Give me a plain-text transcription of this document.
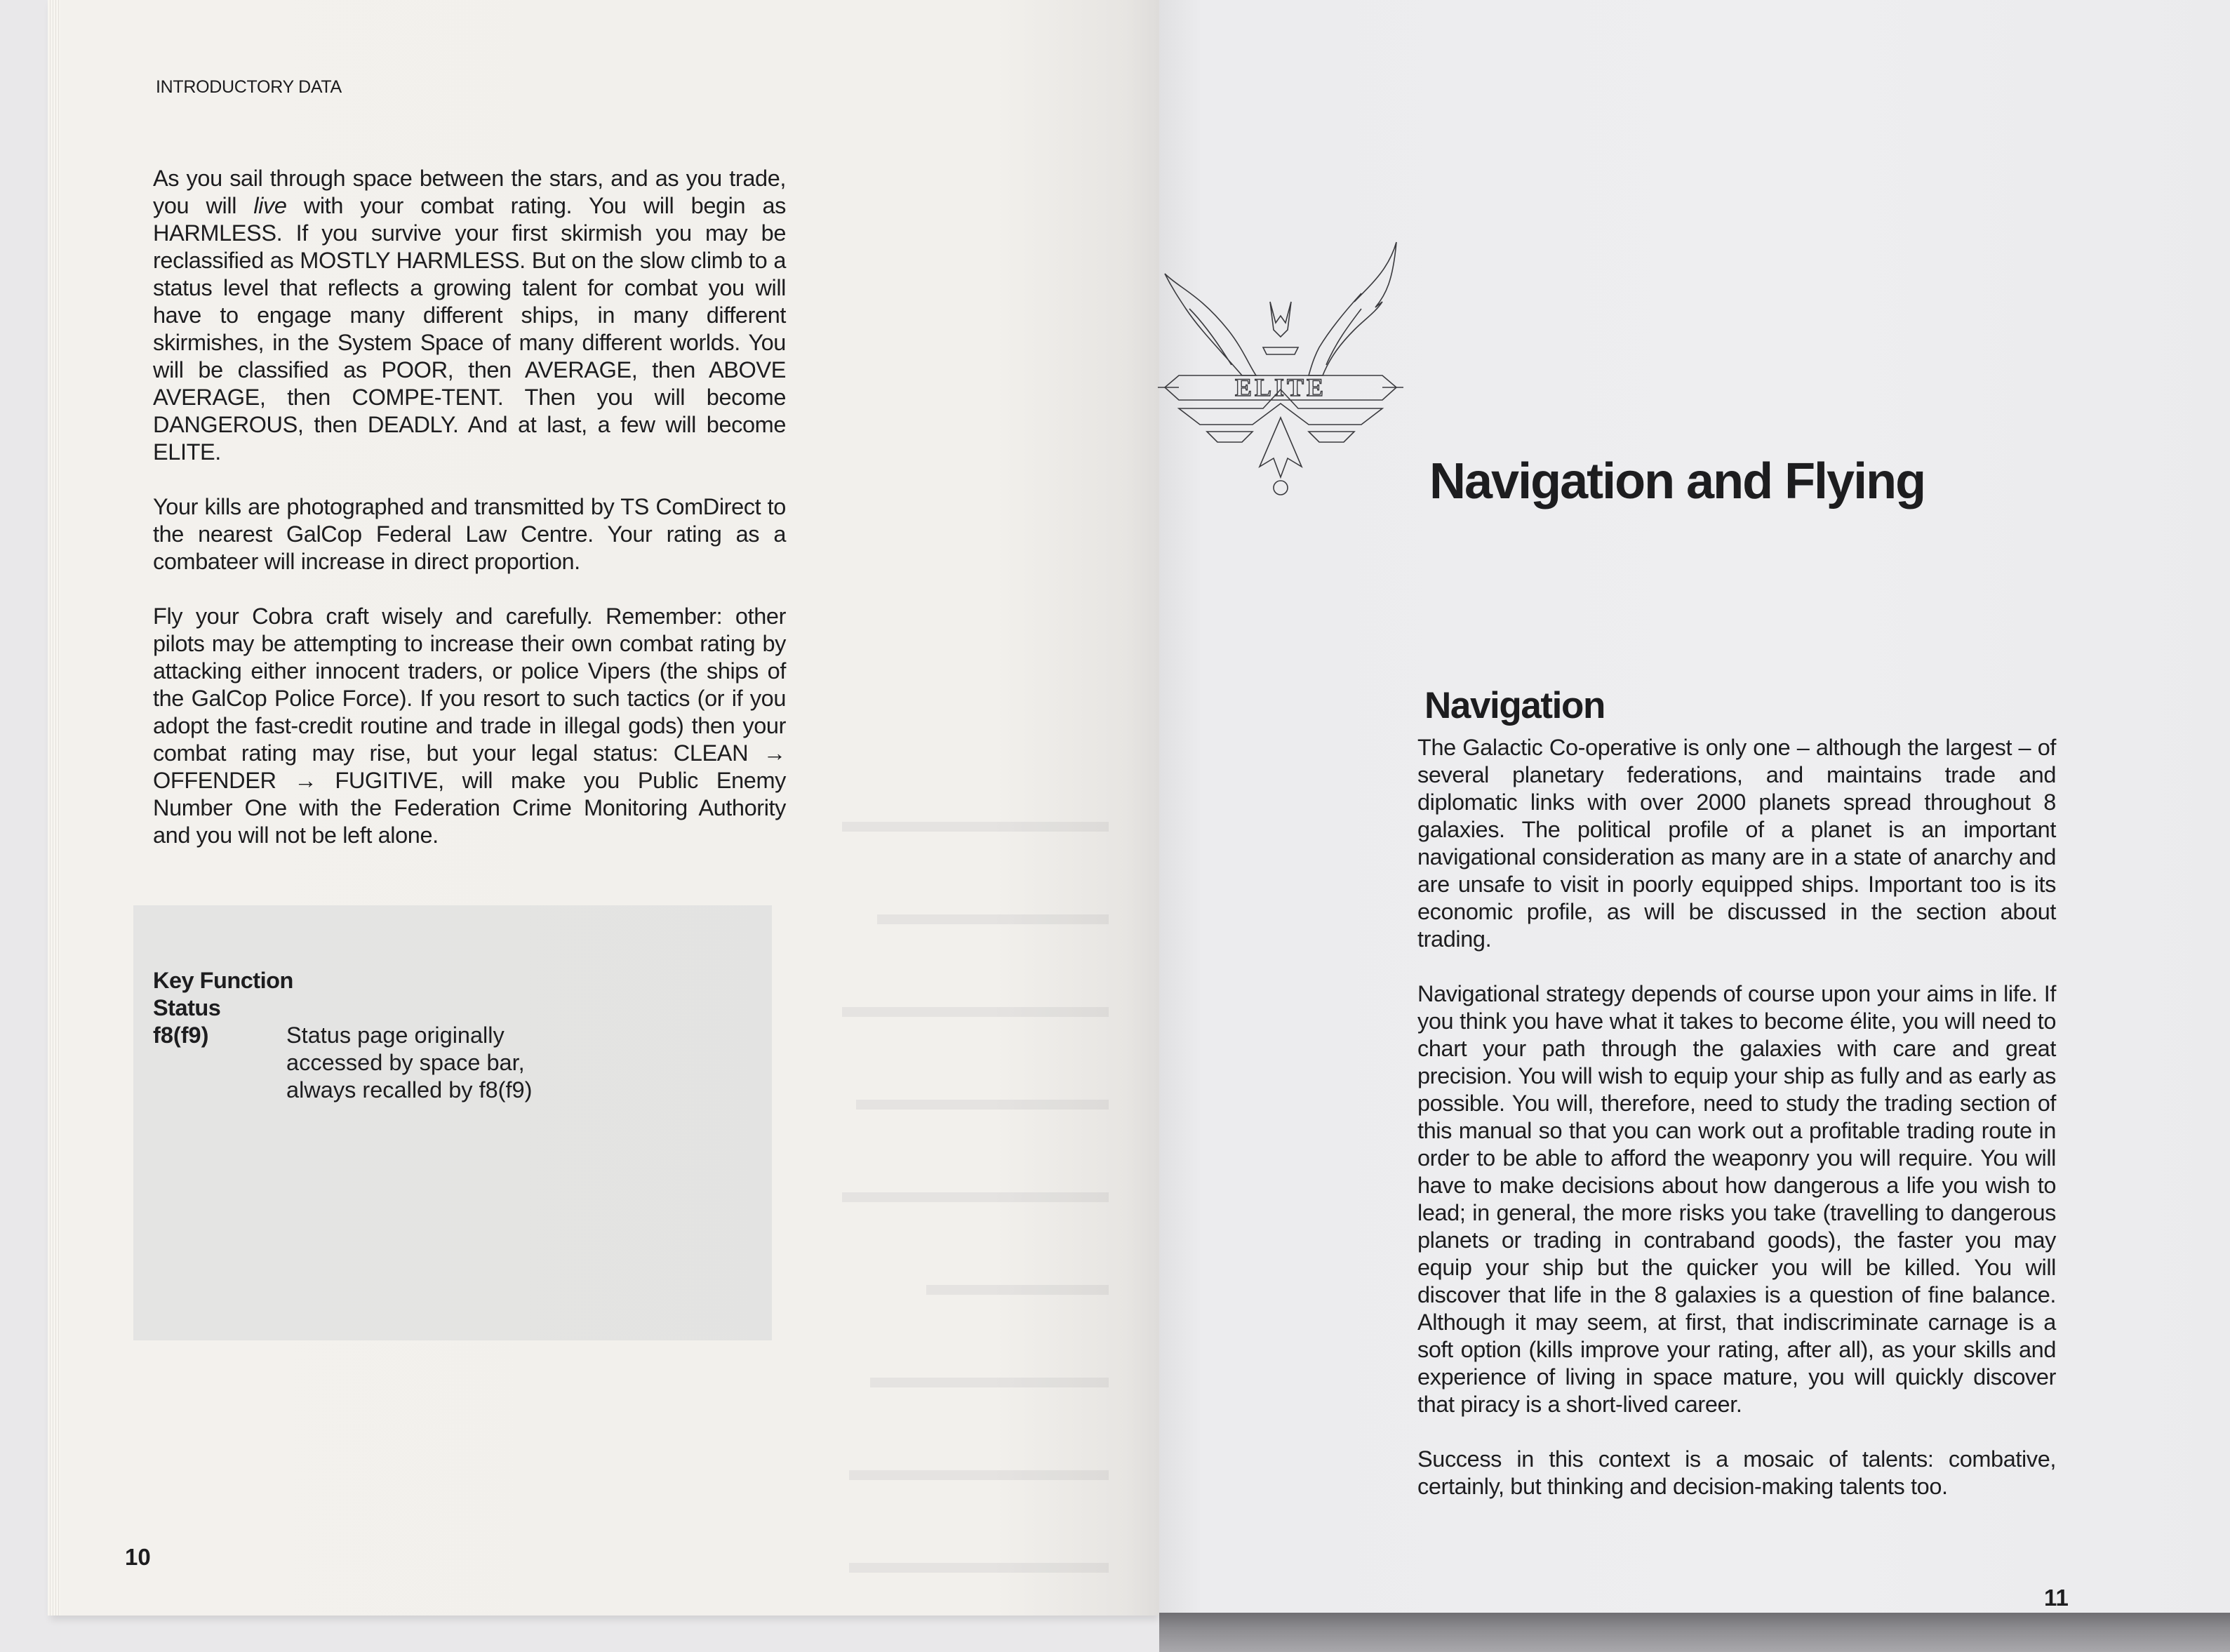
INTRODUCTORY DATA

As you sail through space between the stars, and as you trade, you will live with your combat rating. You will begin as HARMLESS. If you survive your first skirmish you may be reclassified as MOSTLY HARMLESS. But on the slow climb to a status level that reflects a growing talent for combat you will have to engage many different ships, in many different skirmishes, in the System Space of many different worlds. You will be classified as POOR, then AVERAGE, then ABOVE AVERAGE, then COMPE-TENT. Then you will become DANGEROUS, then DEADLY. And at last, a few will become ELITE.

Your kills are photographed and transmitted by TS ComDirect to the nearest GalCop Federal Law Centre. Your rating as a combateer will increase in direct proportion.

Fly your Cobra craft wisely and carefully. Remember: other pilots may be attempting to increase their own combat rating by attacking either innocent traders, or police Vipers (the ships of the GalCop Police Force). If you resort to such tactics (or if you adopt the fast-credit routine and trade in illegal gods) then your combat rating may rise, but your legal status: CLEAN → OFFENDER → FUGITIVE, will make you Public Enemy Number One with the Federation Crime Monitoring Authority and you will not be left alone.

Key Function
Status
f8(f9)	Status page originally
accessed by space bar,
always recalled by f8(f9)
10
ELITE
Navigation and Flying
Navigation

The Galactic Co-operative is only one – although the largest – of several planetary federations, and maintains trade and diplomatic links with over 2000 planets spread throughout 8 galaxies. The political profile of a planet is an important navigational consideration as many are in a state of anarchy and are unsafe to visit in poorly equipped ships. Important too is its economic profile, as will be discussed in the section about trading.

Navigational strategy depends of course upon your aims in life. If you think you have what it takes to become élite, you will need to chart your path through the galaxies with care and great precision. You will wish to equip your ship as fully and as early as possible. You will, therefore, need to study the trading section of this manual so that you can work out a profitable trading route in order to be able to afford the weaponry you will require. You will have to make decisions about how dangerous a life you wish to lead; in general, the more risks you take (travelling to dangerous planets or trading in contraband goods), the faster you may equip your ship but the quicker you will be killed. You will discover that life in the 8 galaxies is a question of fine balance. Although it may seem, at first, that indiscriminate carnage is a soft option (kills improve your rating, after all), as your skills and experience of living in space mature, you will quickly discover that piracy is a short-lived career.

Success in this context is a mosaic of talents: combative, certainly, but thinking and decision-making talents too.

11
